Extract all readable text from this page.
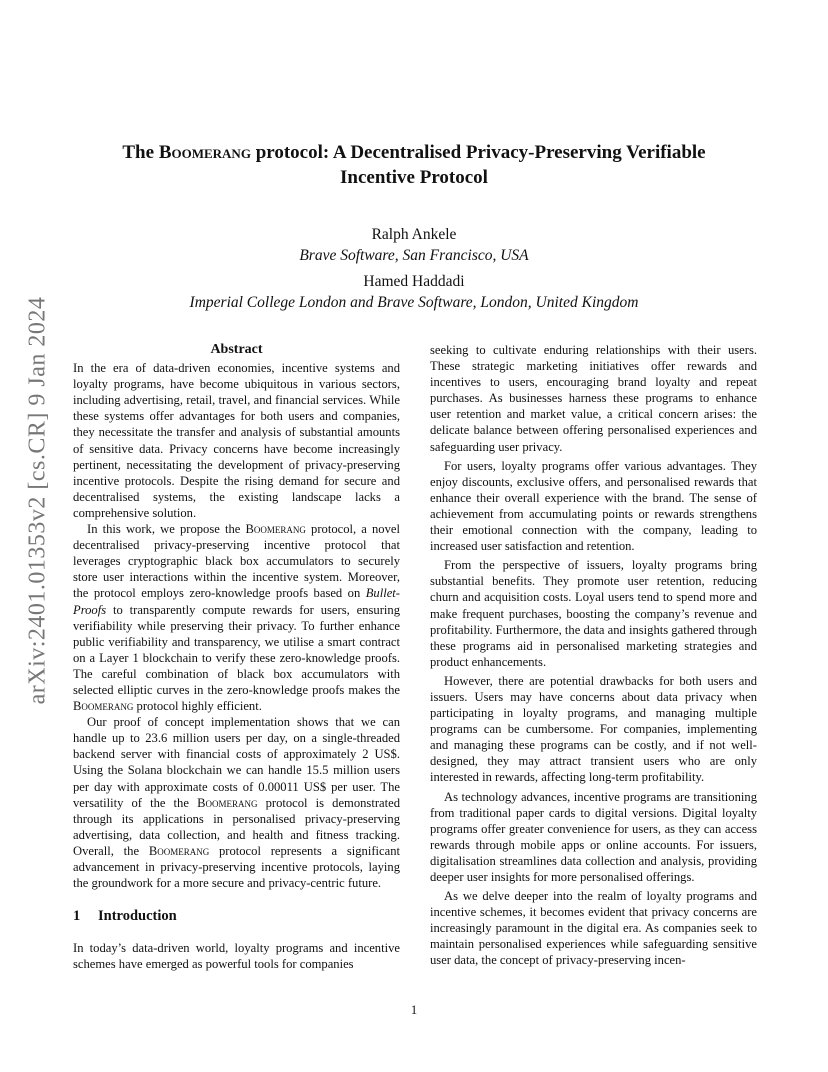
arXiv:2401.01353v2 [cs.CR] 9 Jan 2024
The Boomerang protocol: A Decentralised Privacy-Preserving Verifiable
Incentive Protocol
Ralph Ankele
Brave Software, San Francisco, USA
Hamed Haddadi
Imperial College London and Brave Software, London, United Kingdom
Abstract

In the era of data-driven economies, incentive systems and loyalty programs, have become ubiquitous in various sectors, including advertising, retail, travel, and financial services. While these systems offer advantages for both users and companies, they necessitate the transfer and analysis of substantial amounts of sensitive data. Privacy concerns have become increasingly pertinent, necessitating the development of privacy-preserving incentive protocols. Despite the rising demand for secure and decentralised systems, the existing landscape lacks a comprehensive solution.

In this work, we propose the Boomerang protocol, a novel decentralised privacy-preserving incentive protocol that leverages cryptographic black box accumulators to securely store user interactions within the incentive system. Moreover, the protocol employs zero-knowledge proofs based on Bullet-Proofs to transparently compute rewards for users, ensuring verifiability while preserving their privacy. To further enhance public verifiability and transparency, we utilise a smart contract on a Layer 1 blockchain to verify these zero-knowledge proofs. The careful combination of black box accumulators with selected elliptic curves in the zero-knowledge proofs makes the Boomerang protocol highly efficient.

Our proof of concept implementation shows that we can handle up to 23.6 million users per day, on a single-threaded backend server with financial costs of approximately 2 US$. Using the Solana blockchain we can handle 15.5 million users per day with approximate costs of 0.00011 US$ per user. The versatility of the the Boomerang protocol is demonstrated through its applications in personalised privacy-preserving advertising, data collection, and health and fitness tracking. Overall, the Boomerang protocol represents a significant advancement in privacy-preserving incentive protocols, laying the groundwork for a more secure and privacy-centric future.

1 Introduction

In today’s data-driven world, loyalty programs and incentive schemes have emerged as powerful tools for companies

seeking to cultivate enduring relationships with their users. These strategic marketing initiatives offer rewards and incentives to users, encouraging brand loyalty and repeat purchases. As businesses harness these programs to enhance user retention and market value, a critical concern arises: the delicate balance between offering personalised experiences and safeguarding user privacy.

For users, loyalty programs offer various advantages. They enjoy discounts, exclusive offers, and personalised rewards that enhance their overall experience with the brand. The sense of achievement from accumulating points or rewards strengthens their emotional connection with the company, leading to increased user satisfaction and retention.

From the perspective of issuers, loyalty programs bring substantial benefits. They promote user retention, reducing churn and acquisition costs. Loyal users tend to spend more and make frequent purchases, boosting the company’s revenue and profitability. Furthermore, the data and insights gathered through these programs aid in personalised marketing strategies and product enhancements.

However, there are potential drawbacks for both users and issuers. Users may have concerns about data privacy when participating in loyalty programs, and managing multiple programs can be cumbersome. For companies, implementing and managing these programs can be costly, and if not well-designed, they may attract transient users who are only interested in rewards, affecting long-term profitability.

As technology advances, incentive programs are transitioning from traditional paper cards to digital versions. Digital loyalty programs offer greater convenience for users, as they can access rewards through mobile apps or online accounts. For issuers, digitalisation streamlines data collection and analysis, providing deeper user insights for more personalised offerings.

As we delve deeper into the realm of loyalty programs and incentive schemes, it becomes evident that privacy concerns are increasingly paramount in the digital era. As companies seek to maintain personalised experiences while safeguarding sensitive user data, the concept of privacy-preserving incen-

1
